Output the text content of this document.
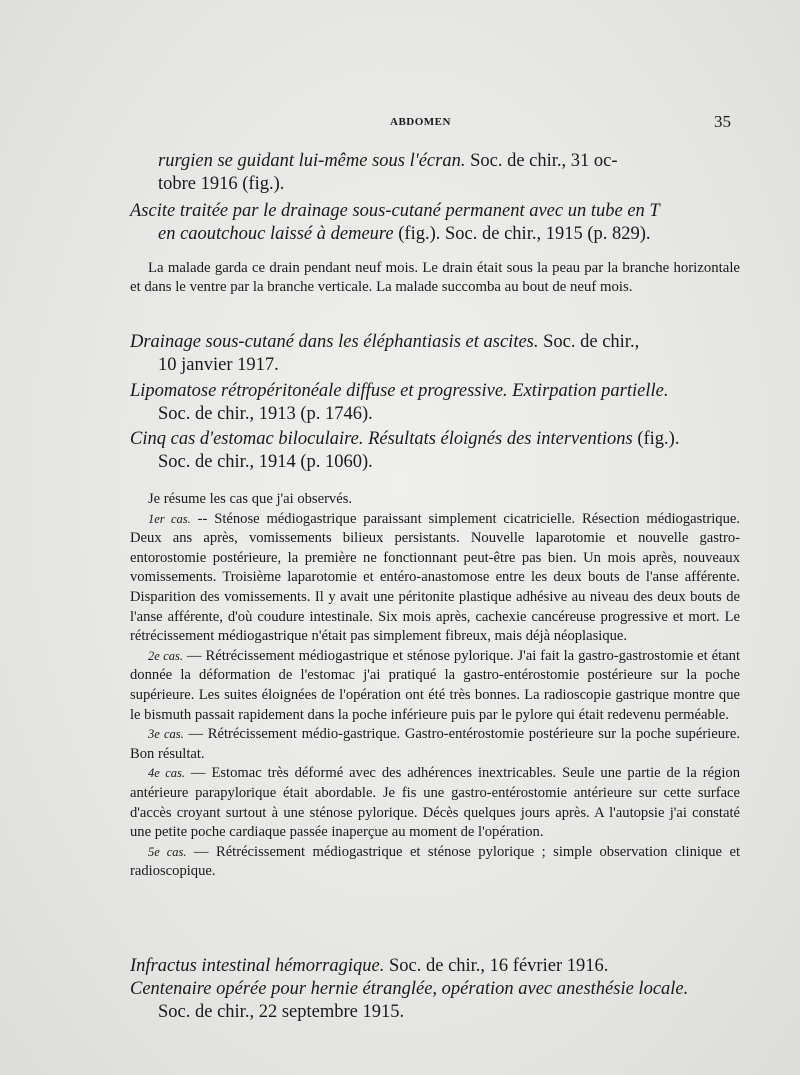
ABDOMEN	35
rurgien se guidant lui-même sous l'écran. Soc. de chir., 31 oc-
tobre 1916 (fig.).
Ascite traitée par le drainage sous-cutané permanent avec un tube en T
en caoutchouc laissé à demeure (fig.). Soc. de chir., 1915 (p. 829).

La malade garda ce drain pendant neuf mois. Le drain était sous la peau par la branche horizontale et dans le ventre par la branche verticale. La malade succomba au bout de neuf mois.

Drainage sous-cutané dans les éléphantiasis et ascites. Soc. de chir.,
10 janvier 1917.
Lipomatose rétropéritonéale diffuse et progressive. Extirpation partielle.
Soc. de chir., 1913 (p. 1746).
Cinq cas d'estomac biloculaire. Résultats éloignés des interventions (fig.).
Soc. de chir., 1914 (p. 1060).

Je résume les cas que j'ai observés.

1er cas. -- Sténose médiogastrique paraissant simplement cicatricielle. Résection médiogastrique. Deux ans après, vomissements bilieux persistants. Nouvelle laparotomie et nouvelle gastro-entorostomie postérieure, la première ne fonctionnant peut-être pas bien. Un mois après, nouveaux vomissements. Troisième laparotomie et entéro-anastomose entre les deux bouts de l'anse afférente. Disparition des vomissements. Il y avait une péritonite plastique adhésive au niveau des deux bouts de l'anse afférente, d'où coudure intestinale. Six mois après, cachexie cancéreuse progressive et mort. Le rétrécissement médiogastrique n'était pas simplement fibreux, mais déjà néoplasique.

2e cas. — Rétrécissement médiogastrique et sténose pylorique. J'ai fait la gastro-gastrostomie et étant donnée la déformation de l'estomac j'ai pratiqué la gastro-entérostomie postérieure sur la poche supérieure. Les suites éloignées de l'opération ont été très bonnes. La radioscopie gastrique montre que le bismuth passait rapidement dans la poche inférieure puis par le pylore qui était redevenu perméable.

3e cas. — Rétrécissement médio-gastrique. Gastro-entérostomie postérieure sur la poche supérieure. Bon résultat.

4e cas. — Estomac très déformé avec des adhérences inextricables. Seule une partie de la région antérieure parapylorique était abordable. Je fis une gastro-entérostomie antérieure sur cette surface d'accès croyant surtout à une sténose pylorique. Décès quelques jours après. A l'autopsie j'ai constaté une petite poche cardiaque passée inaperçue au moment de l'opération.

5e cas. — Rétrécissement médiogastrique et sténose pylorique ; simple observation clinique et radioscopique.

Infractus intestinal hémorragique. Soc. de chir., 16 février 1916.
Centenaire opérée pour hernie étranglée, opération avec anesthésie locale.
Soc. de chir., 22 septembre 1915.
